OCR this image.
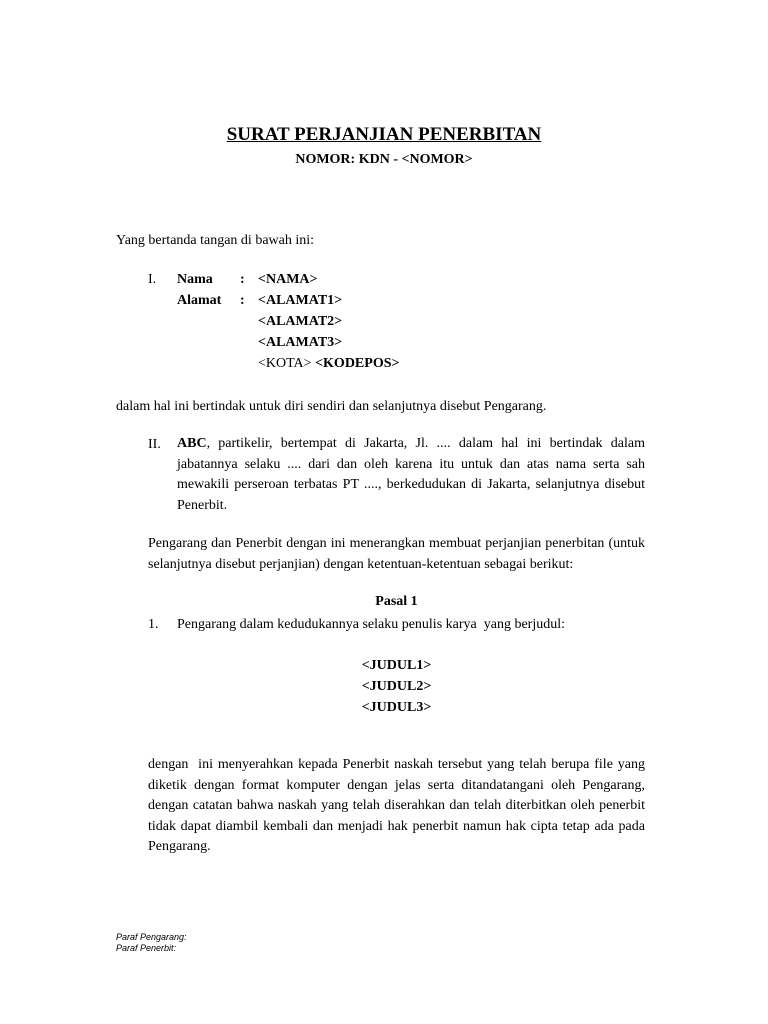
SURAT PERJANJIAN PENERBITAN
NOMOR: KDN - <NOMOR>
Yang bertanda tangan di bawah ini:
I. Nama	: <NAMA>
Alamat	: <ALAMAT1>
<ALAMAT2>
<ALAMAT3>
<KOTA> <KODEPOS>
dalam hal ini bertindak untuk diri sendiri dan selanjutnya disebut Pengarang.
II. ABC, partikelir, bertempat di Jakarta, Jl. .... dalam hal ini bertindak dalam jabatannya selaku .... dari dan oleh karena itu untuk dan atas nama serta sah mewakili perseroan terbatas PT ...., berkedudukan di Jakarta, selanjutnya disebut Penerbit.
Pengarang dan Penerbit dengan ini menerangkan membuat perjanjian penerbitan (untuk selanjutnya disebut perjanjian) dengan ketentuan-ketentuan sebagai berikut:
Pasal 1
1. Pengarang dalam kedudukannya selaku penulis karya  yang berjudul:
<JUDUL1>
<JUDUL2>
<JUDUL3>
dengan  ini menyerahkan kepada Penerbit naskah tersebut yang telah berupa file yang diketik dengan format komputer dengan jelas serta ditandatangani oleh Pengarang, dengan catatan bahwa naskah yang telah diserahkan dan telah diterbitkan oleh penerbit tidak dapat diambil kembali dan menjadi hak penerbit namun hak cipta tetap ada pada Pengarang.
Paraf Pengarang:
Paraf Penerbit:
